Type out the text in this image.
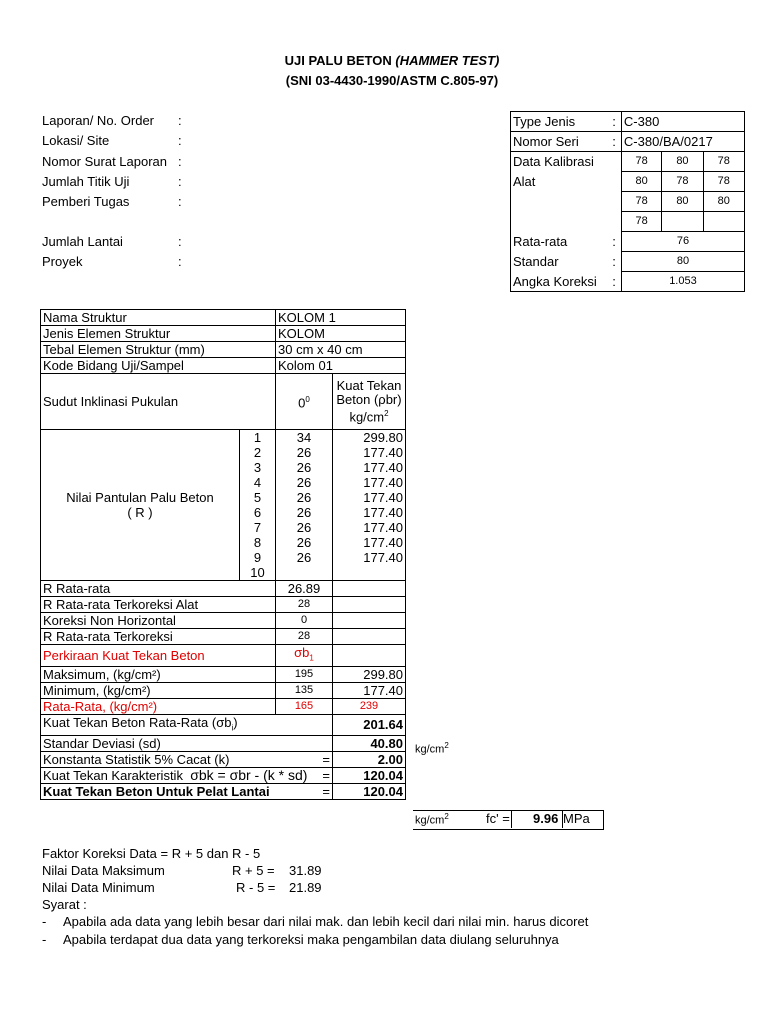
UJI PALU BETON (HAMMER TEST)
(SNI 03-4430-1990/ASTM C.805-97)
Laporan/ No. Order :
Lokasi/ Site	:
Nomor Surat Laporan :
Jumlah Titik Uji	:
Pemberi Tugas	:
Jumlah Lantai	:
Proyek	:
Type Jenis	:	C-380		
Nomor Seri	:	C-380/BA/0217		
Data Kalibrasi		78	80	78
Alat		80	78	78
		78	80	80
		78		
Rata-rata	:	76		
Standar	:	80		
Angka Koreksi	:	1.053		
Nama Struktur		KOLOM 1	
Jenis Elemen Struktur		KOLOM	
Tebal Elemen Struktur (mm)		30 cm x 40 cm	
Kode Bidang Uji/Sampel		Kolom 01	
Sudut Inklinasi Pukulan		$0^0$	Kuat Tekan
Beton (ρbr)
$kg/cm^2$

Nilai Pantulan Palu Beton
( R )	1	34	299.80
	2	26	177.40
	3	26	177.40
	4	26	177.40
	5	26	177.40
	6	26	177.40
	7	26	177.40
	8	26	177.40
	9	26	177.40
	10		
R Rata-rata		26.89	
R Rata-rata Terkoreksi Alat		28	
Koreksi Non Horizontal		0	
R Rata-rata Terkoreksi		28	
Perkiraan Kuat Tekan Beton		$\sigma b_1$	
Maksimum, (kg/cm²)		195	299.80
Minimum, (kg/cm²)		135	177.40
Rata-Rata, (kg/cm²)		165	239
Kuat Tekan Beton Rata-Rata $(\sigma b_i)$			201.64
Standar Deviasi (sd)			40.80
Konstanta Statistik 5% Cacat (k) =			2.00
Kuat Tekan Karakteristik σbk = σbr - (k * sd) =			120.04
Kuat Tekan Beton Untuk Pelat Lantai =			120.04
$kg/cm^2$
$kg/cm^2$	fc' = 9.96 MPa
Faktor Koreksi Data = R + 5 dan R - 5
Nilai Data Maksimum	R + 5 = 31.89
Nilai Data Minimum	R - 5 = 21.89
Syarat :
- Apabila ada data yang lebih besar dari nilai mak. dan lebih kecil dari nilai min. harus dicoret
- Apabila terdapat dua data yang terkoreksi maka pengambilan data diulang seluruhnya
